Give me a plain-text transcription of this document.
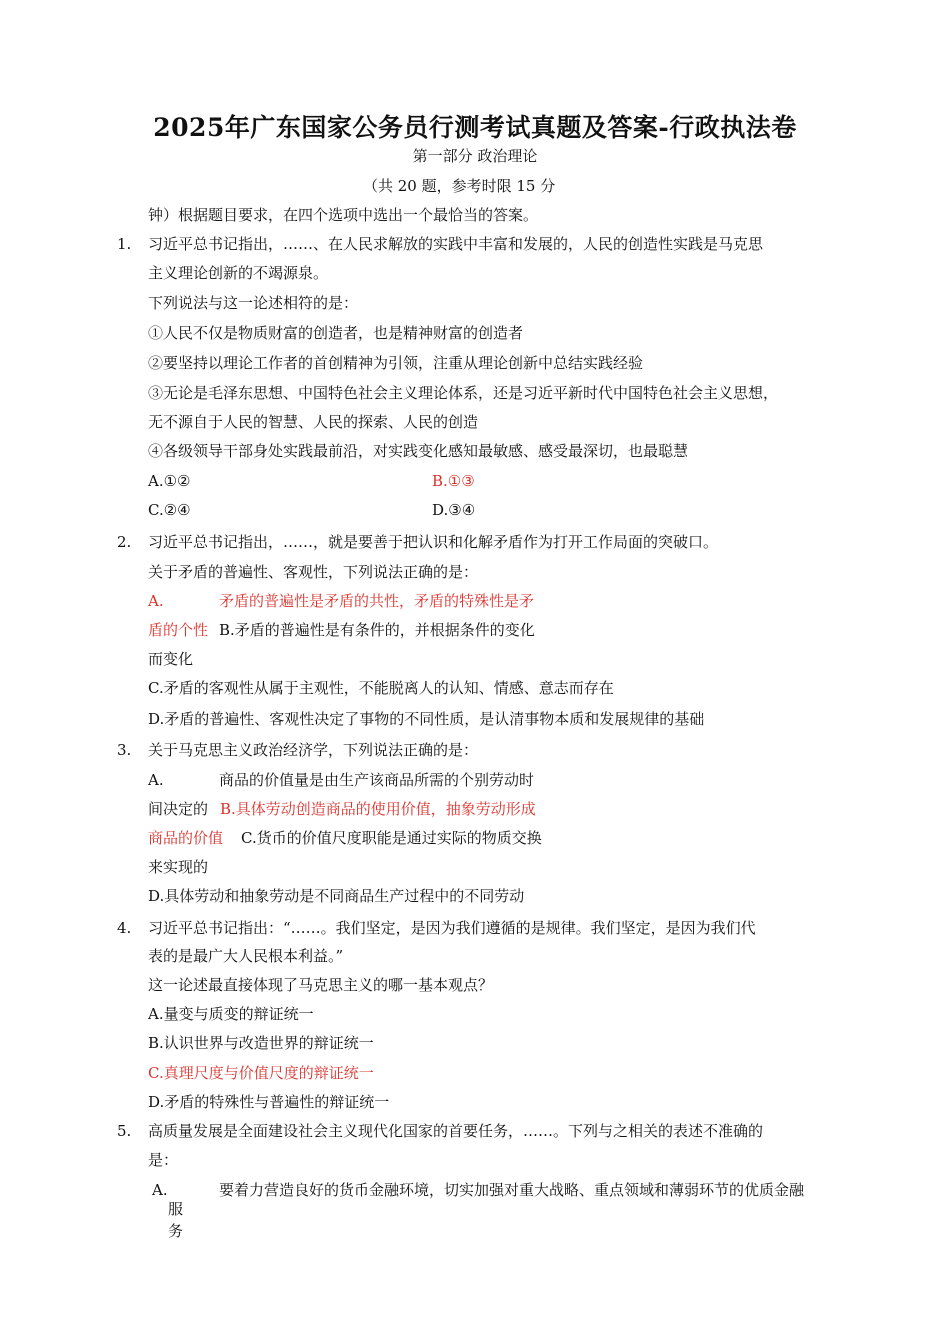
2025年广东国家公务员行测考试真题及答案-行政执法卷
第一部分 政治理论
（共 20 题，参考时限 15 分
钟）根据题目要求，在四个选项中选出一个最恰当的答案。
1. 习近平总书记指出，……、在人民求解放的实践中丰富和发展的，人民的创造性实践是马克思
主义理论创新的不竭源泉。
下列说法与这一论述相符的是：
①人民不仅是物质财富的创造者，也是精神财富的创造者
②要坚持以理论工作者的首创精神为引领，注重从理论创新中总结实践经验
③无论是毛泽东思想、中国特色社会主义理论体系，还是习近平新时代中国特色社会主义思想，
无不源自于人民的智慧、人民的探索、人民的创造
④各级领导干部身处实践最前沿，对实践变化感知最敏感、感受最深切，也最聪慧
A.①②	B.①③
C.②④	D.③④
2. 习近平总书记指出，……，就是要善于把认识和化解矛盾作为打开工作局面的突破口。
关于矛盾的普遍性、客观性，下列说法正确的是：
A.	矛盾的普遍性是矛盾的共性，矛盾的特殊性是矛
盾的个性 B.矛盾的普遍性是有条件的，并根据条件的变化
而变化
C.矛盾的客观性从属于主观性，不能脱离人的认知、情感、意志而存在
D.矛盾的普遍性、客观性决定了事物的不同性质，是认清事物本质和发展规律的基础
3. 关于马克思主义政治经济学，下列说法正确的是：
A.	商品的价值量是由生产该商品所需的个别劳动时
间决定的 B.具体劳动创造商品的使用价值，抽象劳动形成
商品的价值 C.货币的价值尺度职能是通过实际的物质交换
来实现的
D.具体劳动和抽象劳动是不同商品生产过程中的不同劳动
4. 习近平总书记指出：“……。我们坚定，是因为我们遵循的是规律。我们坚定，是因为我们代
表的是最广大人民根本利益。”
这一论述最直接体现了马克思主义的哪一基本观点？
A.量变与质变的辩证统一
B.认识世界与改造世界的辩证统一
C.真理尺度与价值尺度的辩证统一
D.矛盾的特殊性与普遍性的辩证统一
5. 高质量发展是全面建设社会主义现代化国家的首要任务，……。下列与之相关的表述不准确的
是：
A.	要着力营造良好的货币金融环境，切实加强对重大战略、重点领域和薄弱环节的优质金融
服
务
